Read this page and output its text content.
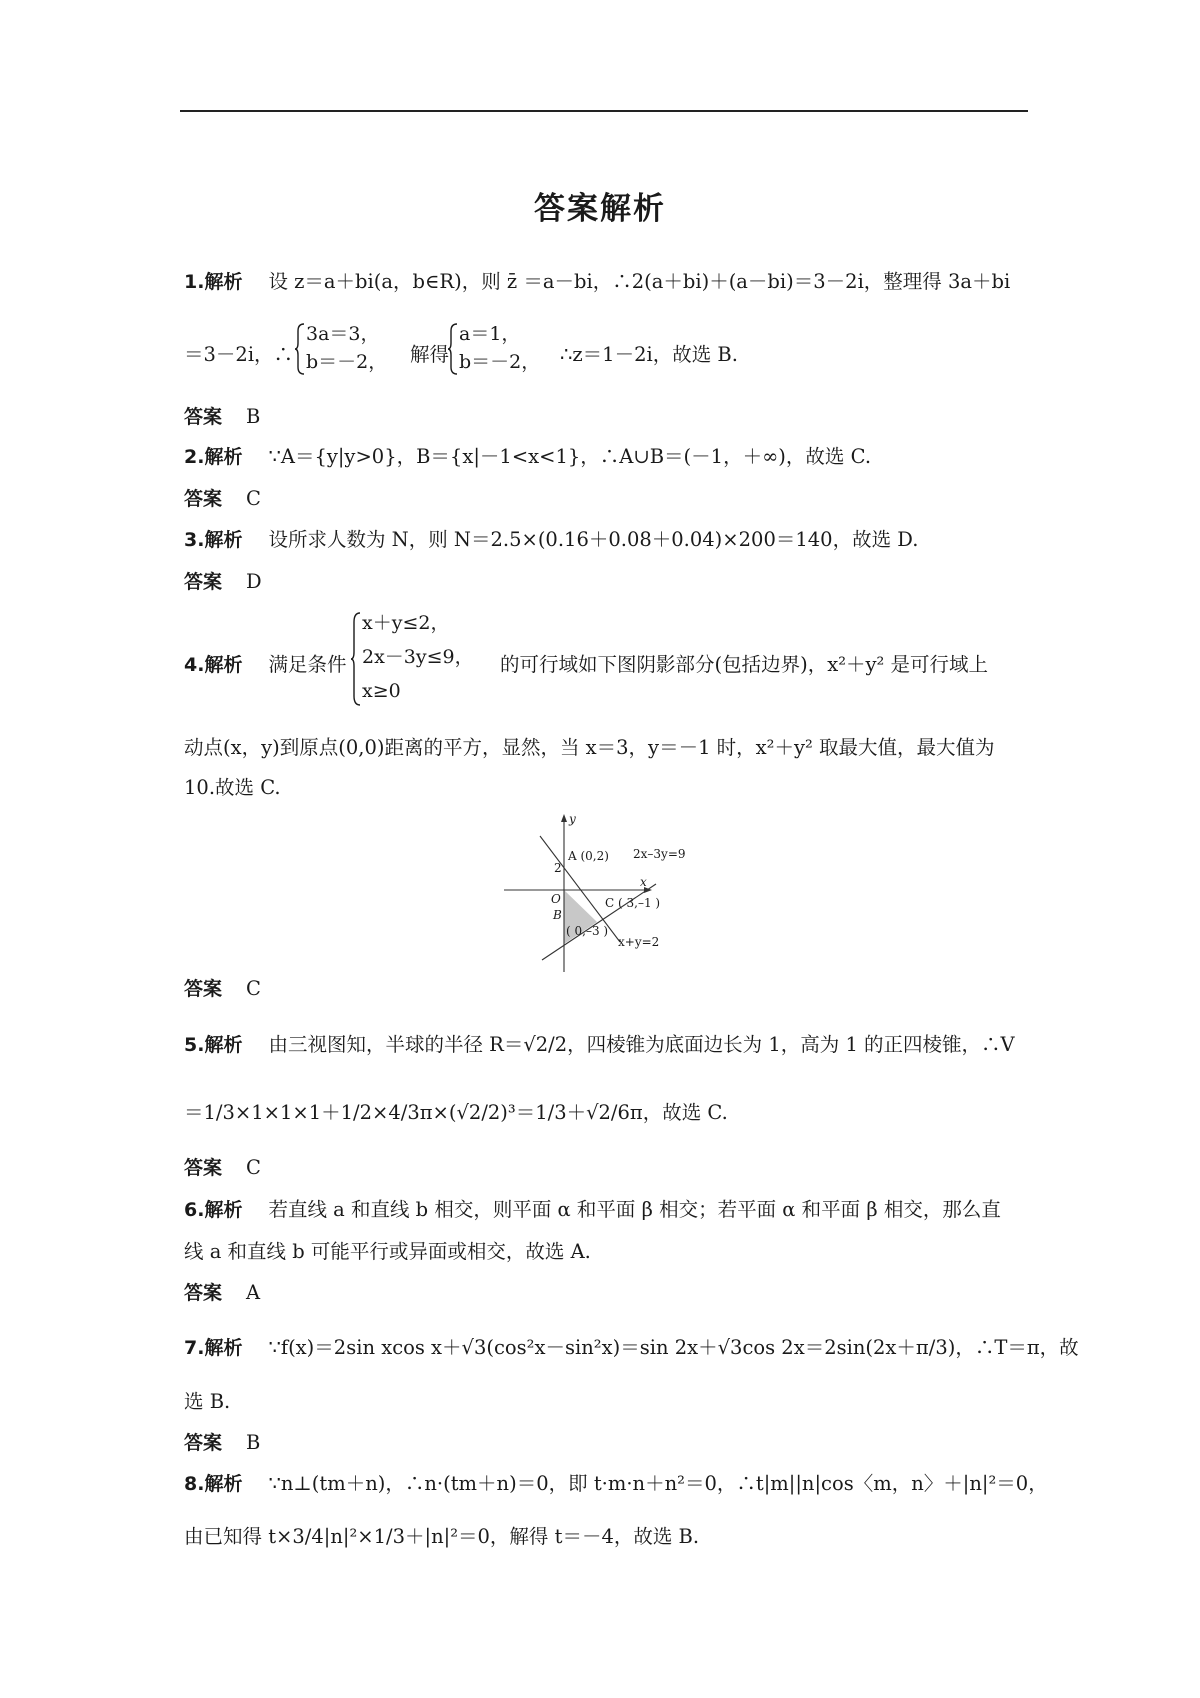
答案解析
1.解析 设 z＝a＋bi(a，b∈R)，则 z̄ ＝a－bi，∴2(a＋bi)＋(a－bi)＝3－2i，整理得 3a＋bi
＝3－2i，∴
3a＝3，
b＝－2， 解得
a＝1，
b＝－2， ∴z＝1－2i，故选 B.
答案 B
2.解析 ∵A＝{y|y>0}，B＝{x|－1<x<1}，∴A∪B＝(－1，＋∞)，故选 C.
答案 C
3.解析 设所求人数为 N，则 N＝2.5×(0.16＋0.08＋0.04)×200＝140，故选 D.
答案 D
4.解析 满足条件
x＋y≤2，
2x－3y≤9，
x≥0
的可行域如下图阴影部分(包括边界)，x²＋y² 是可行域上
动点(x，y)到原点(0,0)距离的平方，显然，当 x＝3，y＝－1 时，x²＋y² 取最大值，最大值为
10.故选 C.
y
x
O
2
A (0,2)
B
( 0,–3 )
C ( 3,–1 )
2x–3y=9
x+y=2
答案 C
5.解析 由三视图知，半球的半径 R＝√2/2，四棱锥为底面边长为 1，高为 1 的正四棱锥，∴V
＝1/3×1×1×1＋1/2×4/3π×(√2/2)³＝1/3＋√2/6π，故选 C.
答案 C
6.解析 若直线 a 和直线 b 相交，则平面 α 和平面 β 相交；若平面 α 和平面 β 相交，那么直
线 a 和直线 b 可能平行或异面或相交，故选 A.
答案 A
7.解析 ∵f(x)＝2sin xcos x＋√3(cos²x－sin²x)＝sin 2x＋√3cos 2x＝2sin(2x＋π/3)，∴T＝π，故
选 B.
答案 B
8.解析 ∵n⊥(tm＋n)，∴n·(tm＋n)＝0，即 t·m·n＋n²＝0，∴t|m||n|cos〈m，n〉＋|n|²＝0，
由已知得 t×3/4|n|²×1/3＋|n|²＝0，解得 t＝－4，故选 B.
